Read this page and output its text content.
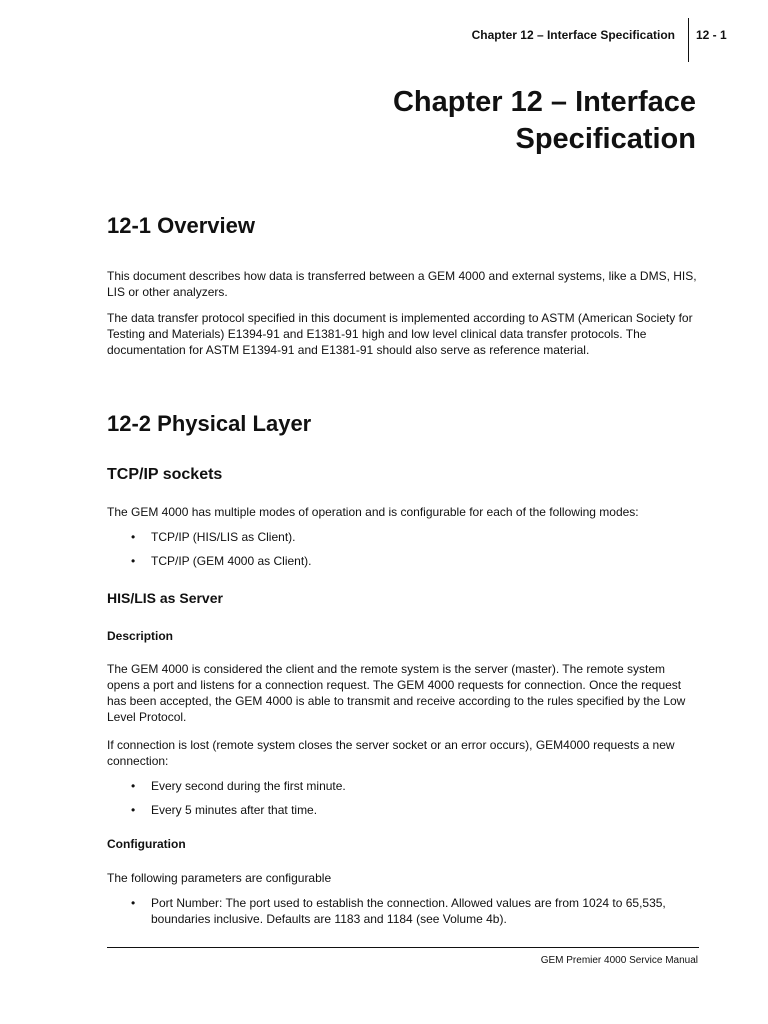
Chapter 12 – Interface Specification 12 - 1
Chapter 12 – Interface Specification
12-1 Overview

This document describes how data is transferred between a GEM 4000 and external systems, like a DMS, HIS, LIS or other analyzers.

The data transfer protocol specified in this document is implemented according to ASTM (American Society for Testing and Materials) E1394-91 and E1381-91 high and low level clinical data transfer protocols. The documentation for ASTM E1394-91 and E1381-91 should also serve as reference material.

12-2 Physical Layer
TCP/IP sockets

The GEM 4000 has multiple modes of operation and is configurable for each of the following modes:

• TCP/IP (HIS/LIS as Client).
• TCP/IP (GEM 4000 as Client).
HIS/LIS as Server
Description

The GEM 4000 is considered the client and the remote system is the server (master). The remote system opens a port and listens for a connection request. The GEM 4000 requests for connection. Once the request has been accepted, the GEM 4000 is able to transmit and receive according to the rules specified by the Low Level Protocol.

If connection is lost (remote system closes the server socket or an error occurs), GEM4000 requests a new connection:

• Every second during the first minute.
• Every 5 minutes after that time.
Configuration

The following parameters are configurable

• Port Number: The port used to establish the connection. Allowed values are from 1024 to 65,535, boundaries inclusive. Defaults are 1183 and 1184 (see Volume 4b).
GEM Premier 4000 Service Manual
